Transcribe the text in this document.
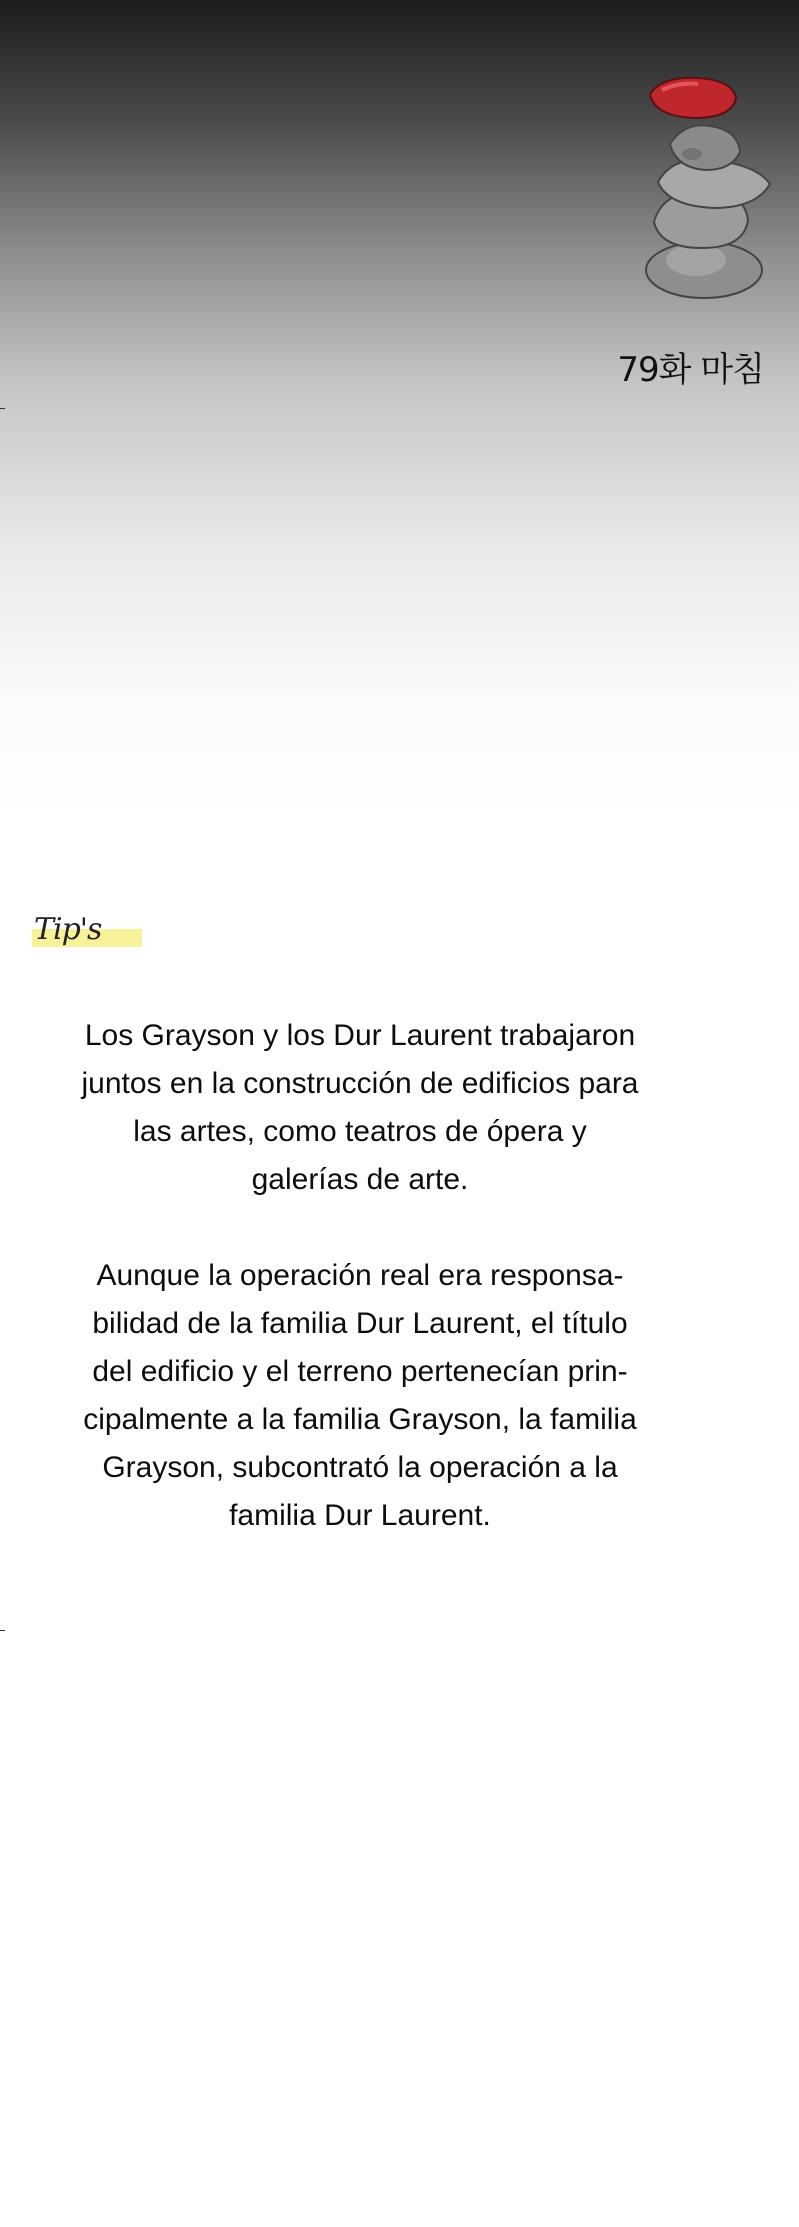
79화 마침
Tip's

Los Grayson y los Dur Laurent trabajaron
juntos en la construcción de edificios para
las artes, como teatros de ópera y
galerías de arte.

Aunque la operación real era responsa-
bilidad de la familia Dur Laurent, el título
del edificio y el terreno pertenecían prin-
cipalmente a la familia Grayson, la familia
Grayson, subcontrató la operación a la
familia Dur Laurent.
